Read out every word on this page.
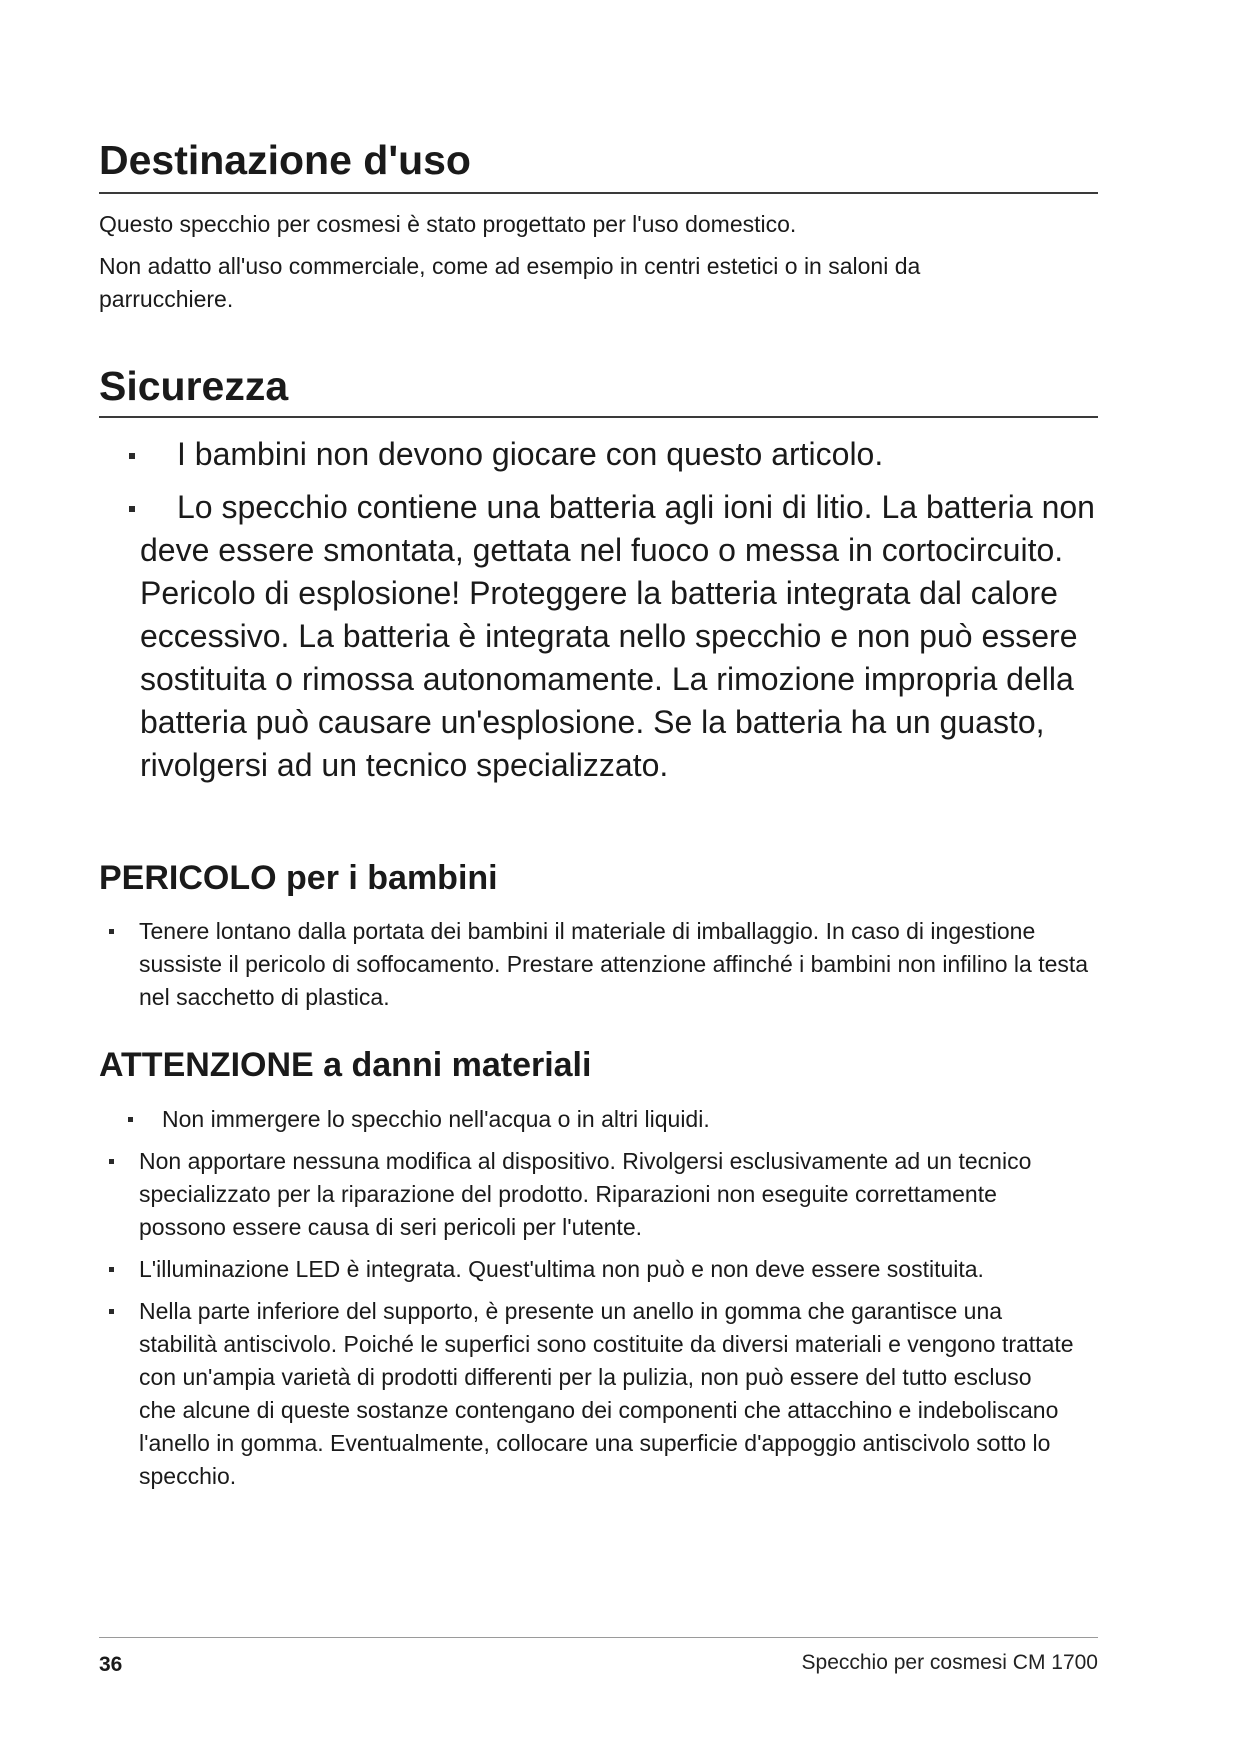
Destinazione d'uso

Questo specchio per cosmesi è stato progettato per l'uso domestico.

Non adatto all'uso commerciale, come ad esempio in centri estetici o in saloni da parrucchiere.

Sicurezza
I bambini non devono giocare con questo articolo.
Lo specchio contiene una batteria agli ioni di litio. La batteria non deve essere smontata, gettata nel fuoco o messa in cortocircuito. Pericolo di esplosione! Proteggere la batteria integrata dal calore eccessivo. La batteria è integrata nello specchio e non può essere sostituita o rimossa autonomamente. La rimozione impropria della batteria può causare un'esplosione. Se la batteria ha un guasto, rivolgersi ad un tecnico specializzato.
PERICOLO per i bambini
Tenere lontano dalla portata dei bambini il materiale di imballaggio. In caso di ingestione sussiste il pericolo di soffocamento. Prestare attenzione affinché i bambini non infilino la testa nel sacchetto di plastica.
ATTENZIONE a danni materiali
Non immergere lo specchio nell'acqua o in altri liquidi.
Non apportare nessuna modifica al dispositivo. Rivolgersi esclusivamente ad un tecnico specializzato per la riparazione del prodotto. Riparazioni non eseguite correttamente possono essere causa di seri pericoli per l'utente.
L'illuminazione LED è integrata. Quest'ultima non può e non deve essere sostituita.
Nella parte inferiore del supporto, è presente un anello in gomma che garantisce una stabilità antiscivolo. Poiché le superfici sono costituite da diversi materiali e vengono trattate con un'ampia varietà di prodotti differenti per la pulizia, non può essere del tutto escluso che alcune di queste sostanze contengano dei componenti che attacchino e indeboliscano l'anello in gomma. Eventualmente, collocare una superficie d'appoggio antiscivolo sotto lo specchio.
36	Specchio per cosmesi CM 1700
